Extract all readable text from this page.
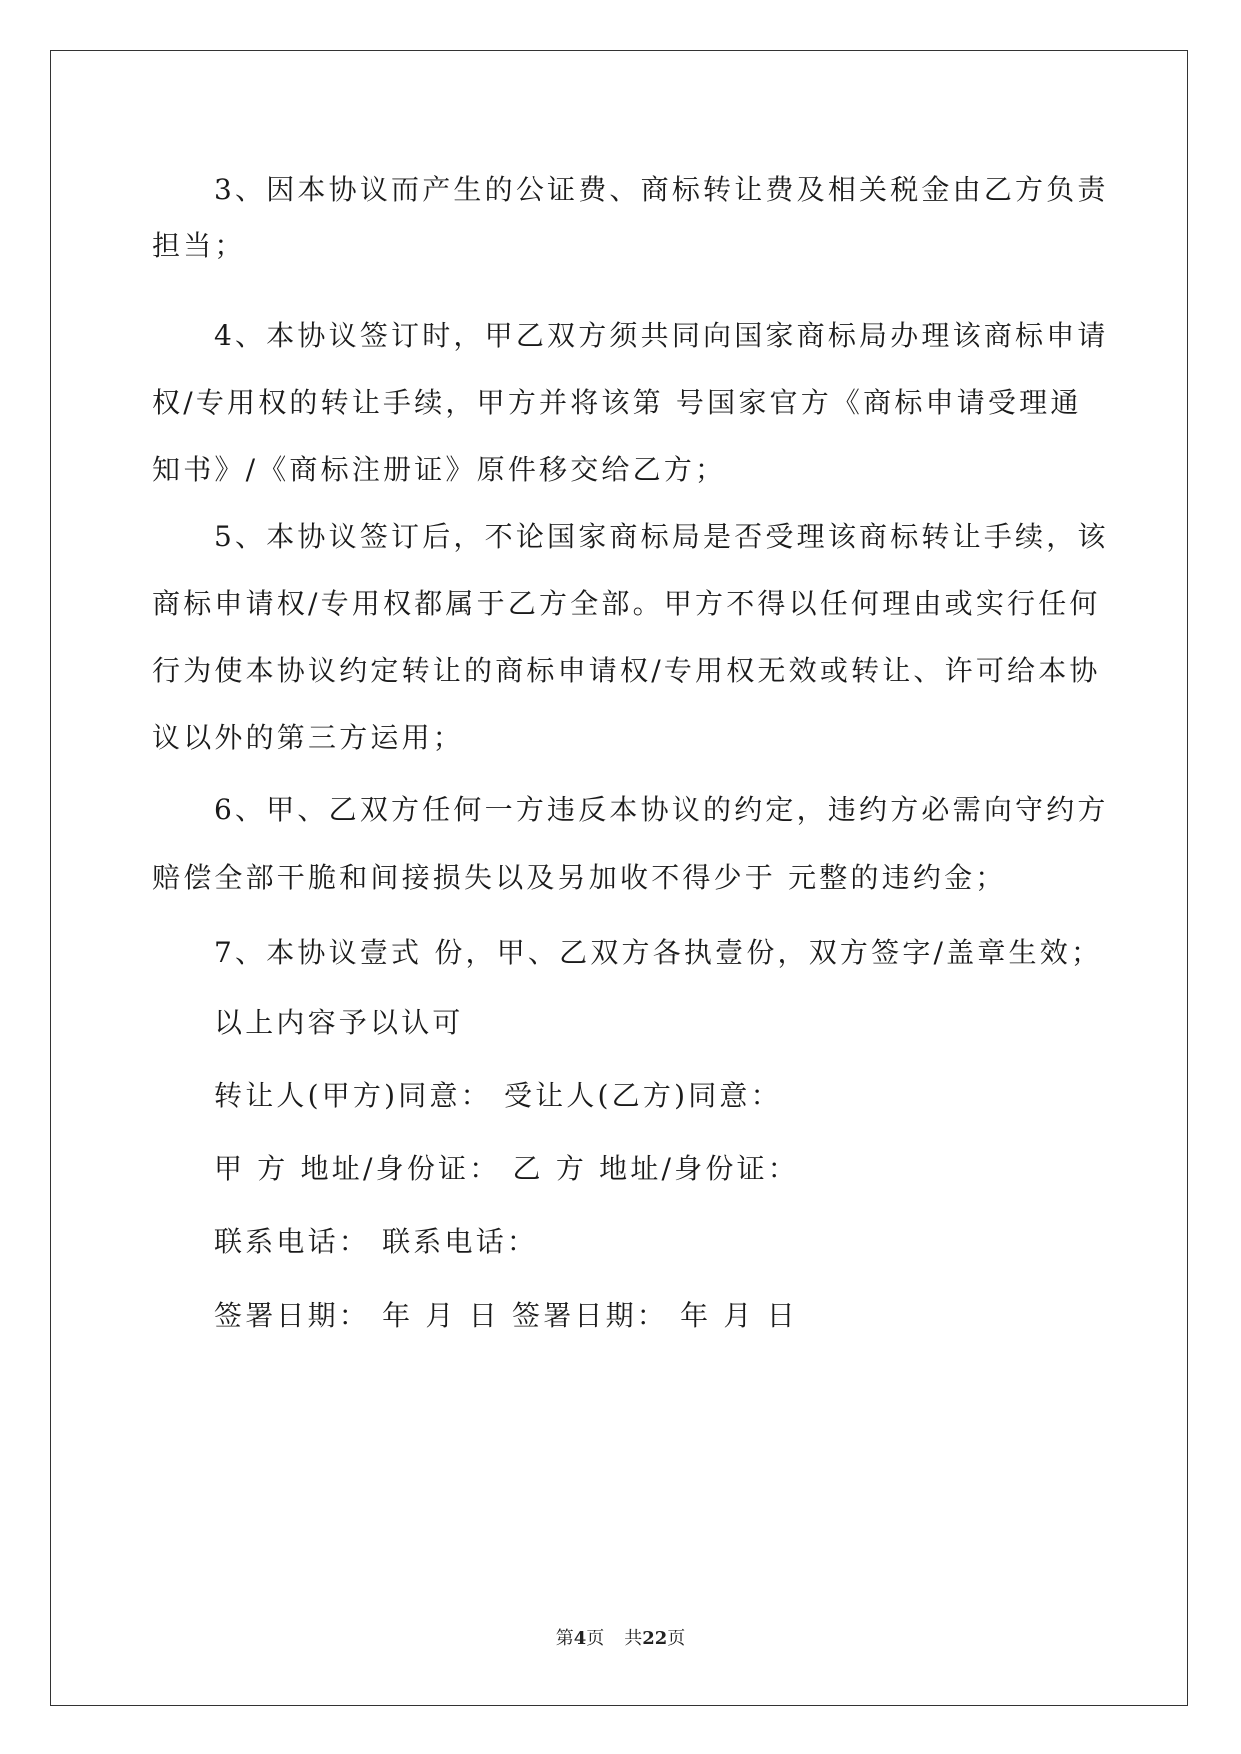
3、因本协议而产生的公证费、商标转让费及相关税金由乙方负责
担当；
4、本协议签订时，甲乙双方须共同向国家商标局办理该商标申请
权/专用权的转让手续，甲方并将该第 号国家官方《商标申请受理通
知书》/《商标注册证》原件移交给乙方；
5、本协议签订后，不论国家商标局是否受理该商标转让手续，该
商标申请权/专用权都属于乙方全部。甲方不得以任何理由或实行任何
行为使本协议约定转让的商标申请权/专用权无效或转让、许可给本协
议以外的第三方运用；
6、甲、乙双方任何一方违反本协议的约定，违约方必需向守约方
赔偿全部干脆和间接损失以及另加收不得少于 元整的违约金；
7、本协议壹式 份，甲、乙双方各执壹份，双方签字/盖章生效；
以上内容予以认可
转让人(甲方)同意： 受让人(乙方)同意：
甲 方 地址/身份证： 乙 方 地址/身份证：
联系电话： 联系电话：
签署日期： 年 月 日 签署日期： 年 月 日
第4页 共22页
